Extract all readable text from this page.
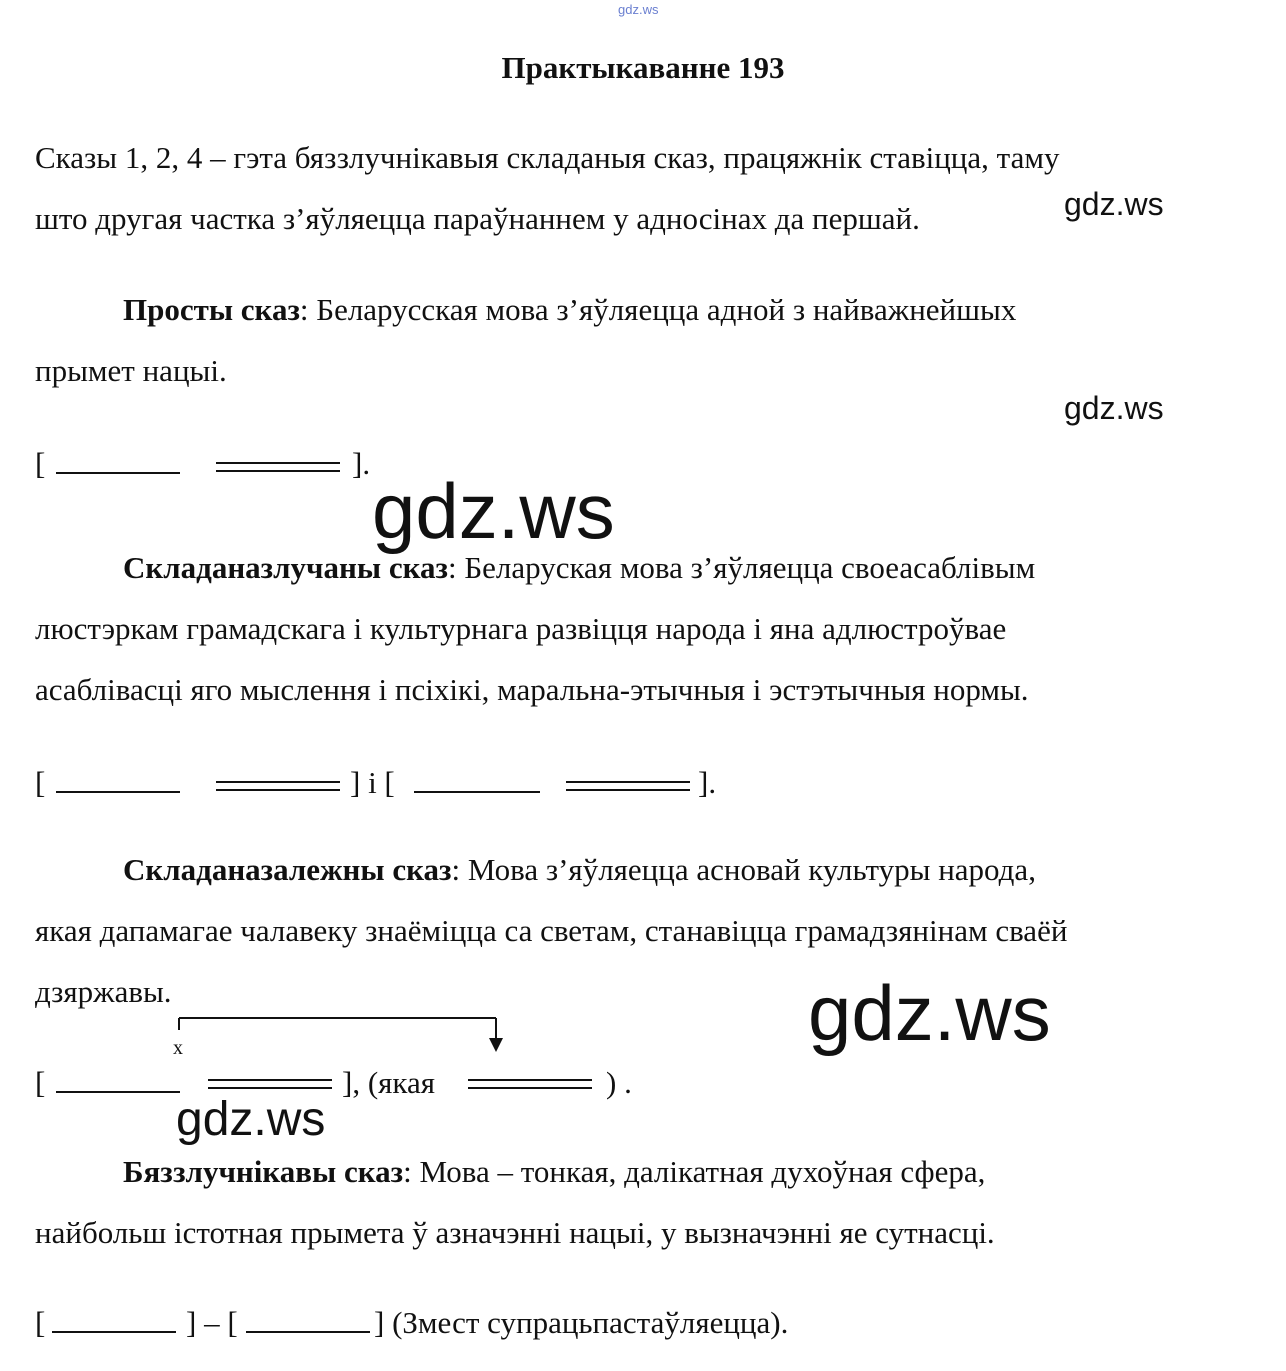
gdz.ws
Практыкаванне 193
Сказы 1, 2, 4 – гэта бяззлучнікавыя складаныя сказ, працяжнік ставіцца, таму
што другая частка з’яўляецца параўнаннем у адносінах да першай.	gdz.ws
Просты сказ: Беларусская мова з’яўляецца адной з найважнейшых
прымет нацыі.
gdz.ws
Складаназлучаны сказ: Беларуская мова з’яўляецца своеасаблівым
люстэркам грамадскага і культурнага развіцця народа і яна адлюстроўвае
асаблівасці яго мыслення і псіхікі, маральна-этычныя і эстэтычныя нормы.
Складаназалежны сказ: Мова з’яўляецца асновай культуры народа,
якая дапамагае чалавеку знаёміцца са светам, станавіцца грамадзянінам сваёй
дзяржавы.
Бяззлучнікавы сказ: Мова – тонкая, далікатная духоўная сфера,
найбольш істотная прымета ў азначэнні нацыі, у вызначэнні яе сутнасці.
[	].
[	] і [	].
x
[	], (якая	) .
[	] – [	] (Змест супрацьпастаўляецца).
gdz.ws
gdz.ws
gdz.ws
